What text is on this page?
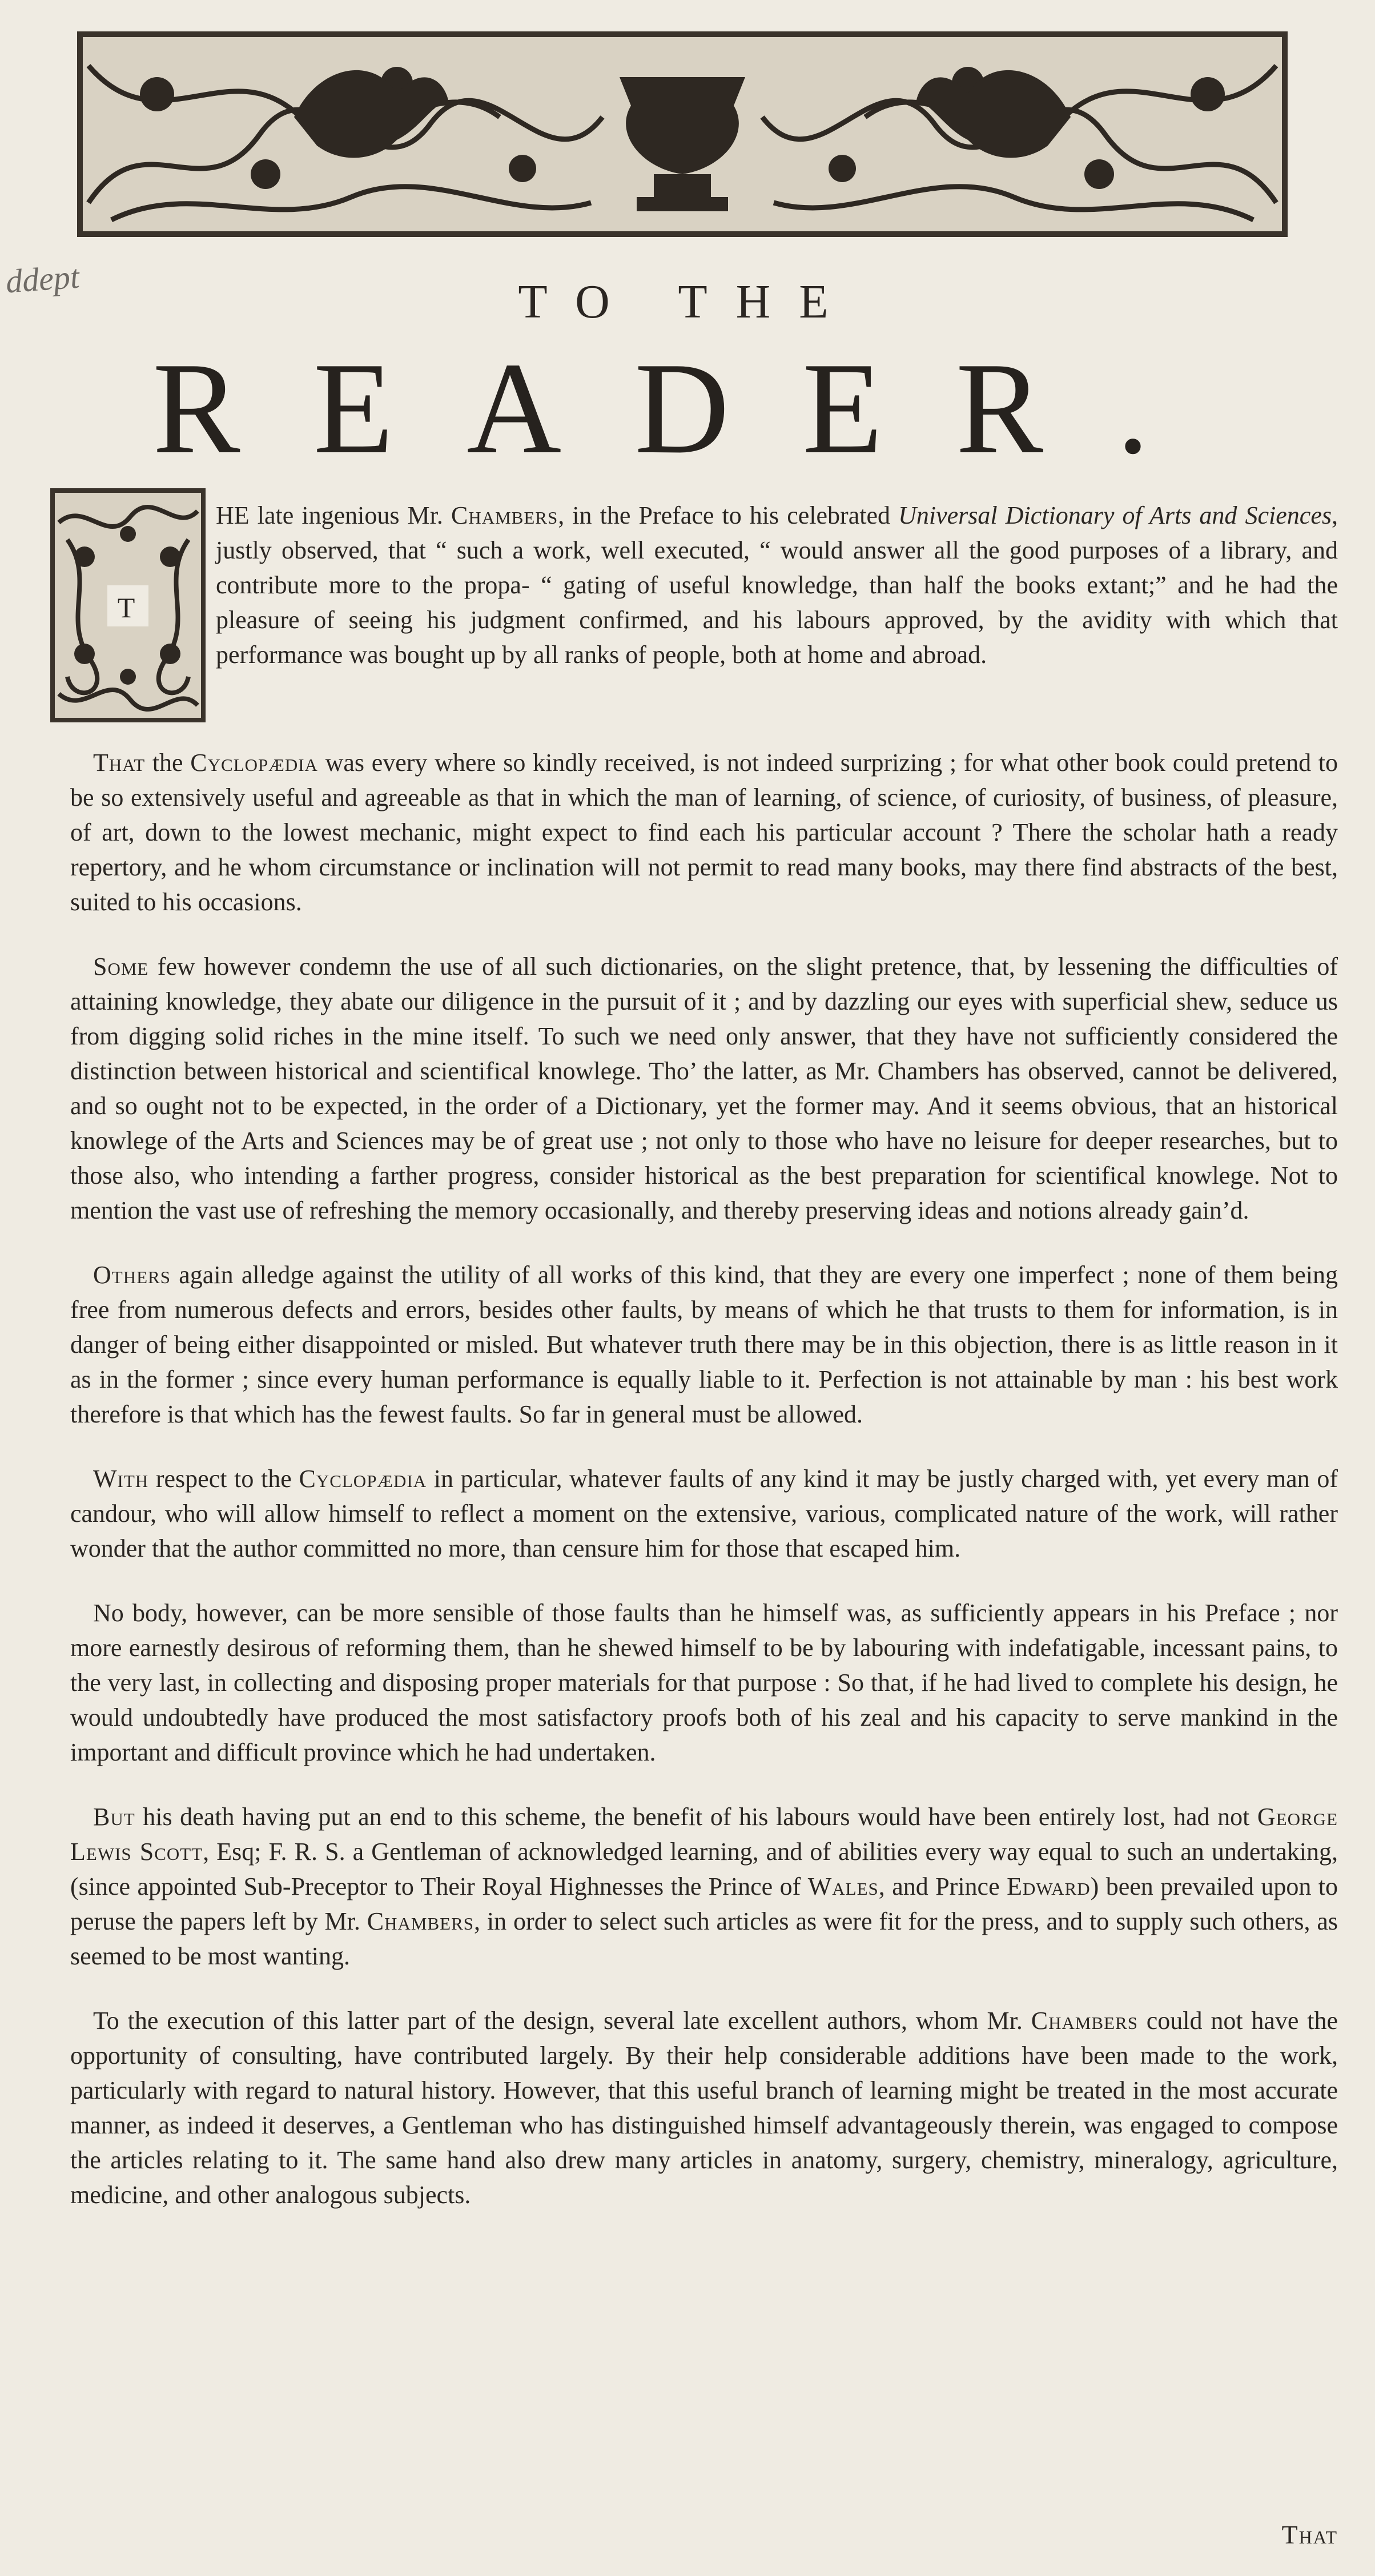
ddept	TO THE
READER.
T

HE late ingenious Mr. Chambers, in the Preface to his celebrated Universal Dictionary of Arts and Sciences, justly observed, that “ such a work, well executed, “ would answer all the good purposes of a library, and contribute more to the propa- “ gating of useful knowledge, than half the books extant;” and he had the pleasure of seeing his judgment confirmed, and his labours approved, by the avidity with which that performance was bought up by all ranks of people, both at home and abroad.

That the Cyclopædia was every where so kindly received, is not indeed surprizing ; for what other book could pretend to be so extensively useful and agreeable as that in which the man of learning, of science, of curiosity, of business, of pleasure, of art, down to the lowest mechanic, might expect to find each his particular account ? There the scholar hath a ready repertory, and he whom circumstance or inclination will not permit to read many books, may there find abstracts of the best, suited to his occasions.

Some few however condemn the use of all such dictionaries, on the slight pretence, that, by lessening the difficulties of attaining knowledge, they abate our diligence in the pursuit of it ; and by dazzling our eyes with superficial shew, seduce us from digging solid riches in the mine itself. To such we need only answer, that they have not sufficiently considered the distinction between historical and scientifical knowlege. Tho’ the latter, as Mr. Chambers has observed, cannot be delivered, and so ought not to be expected, in the order of a Dictionary, yet the former may. And it seems obvious, that an historical knowlege of the Arts and Sciences may be of great use ; not only to those who have no leisure for deeper researches, but to those also, who intending a farther progress, consider historical as the best preparation for scientifical knowlege. Not to mention the vast use of refreshing the memory occasionally, and thereby preserving ideas and notions already gain’d.

Others again alledge against the utility of all works of this kind, that they are every one imperfect ; none of them being free from numerous defects and errors, besides other faults, by means of which he that trusts to them for information, is in danger of being either disappointed or misled. But whatever truth there may be in this objection, there is as little reason in it as in the former ; since every human performance is equally liable to it. Perfection is not attainable by man : his best work therefore is that which has the fewest faults. So far in general must be allowed.

With respect to the Cyclopædia in particular, whatever faults of any kind it may be justly charged with, yet every man of candour, who will allow himself to reflect a moment on the extensive, various, complicated nature of the work, will rather wonder that the author committed no more, than censure him for those that escaped him.

No body, however, can be more sensible of those faults than he himself was, as sufficiently appears in his Preface ; nor more earnestly desirous of reforming them, than he shewed himself to be by labouring with indefatigable, incessant pains, to the very last, in collecting and disposing proper materials for that purpose : So that, if he had lived to complete his design, he would undoubtedly have produced the most satisfactory proofs both of his zeal and his capacity to serve mankind in the important and difficult province which he had undertaken.

But his death having put an end to this scheme, the benefit of his labours would have been entirely lost, had not George Lewis Scott, Esq; F. R. S. a Gentleman of acknowledged learning, and of abilities every way equal to such an undertaking, (since appointed Sub-Preceptor to Their Royal Highnesses the Prince of Wales, and Prince Edward) been prevailed upon to peruse the papers left by Mr. Chambers, in order to select such articles as were fit for the press, and to supply such others, as seemed to be most wanting.

To the execution of this latter part of the design, several late excellent authors, whom Mr. Chambers could not have the opportunity of consulting, have contributed largely. By their help considerable additions have been made to the work, particularly with regard to natural history. However, that this useful branch of learning might be treated in the most accurate manner, as indeed it deserves, a Gentleman who has distinguished himself advantageously therein, was engaged to compose the articles relating to it. The same hand also drew many articles in anatomy, surgery, chemistry, mineralogy, agriculture, medicine, and other analogous subjects.

That
